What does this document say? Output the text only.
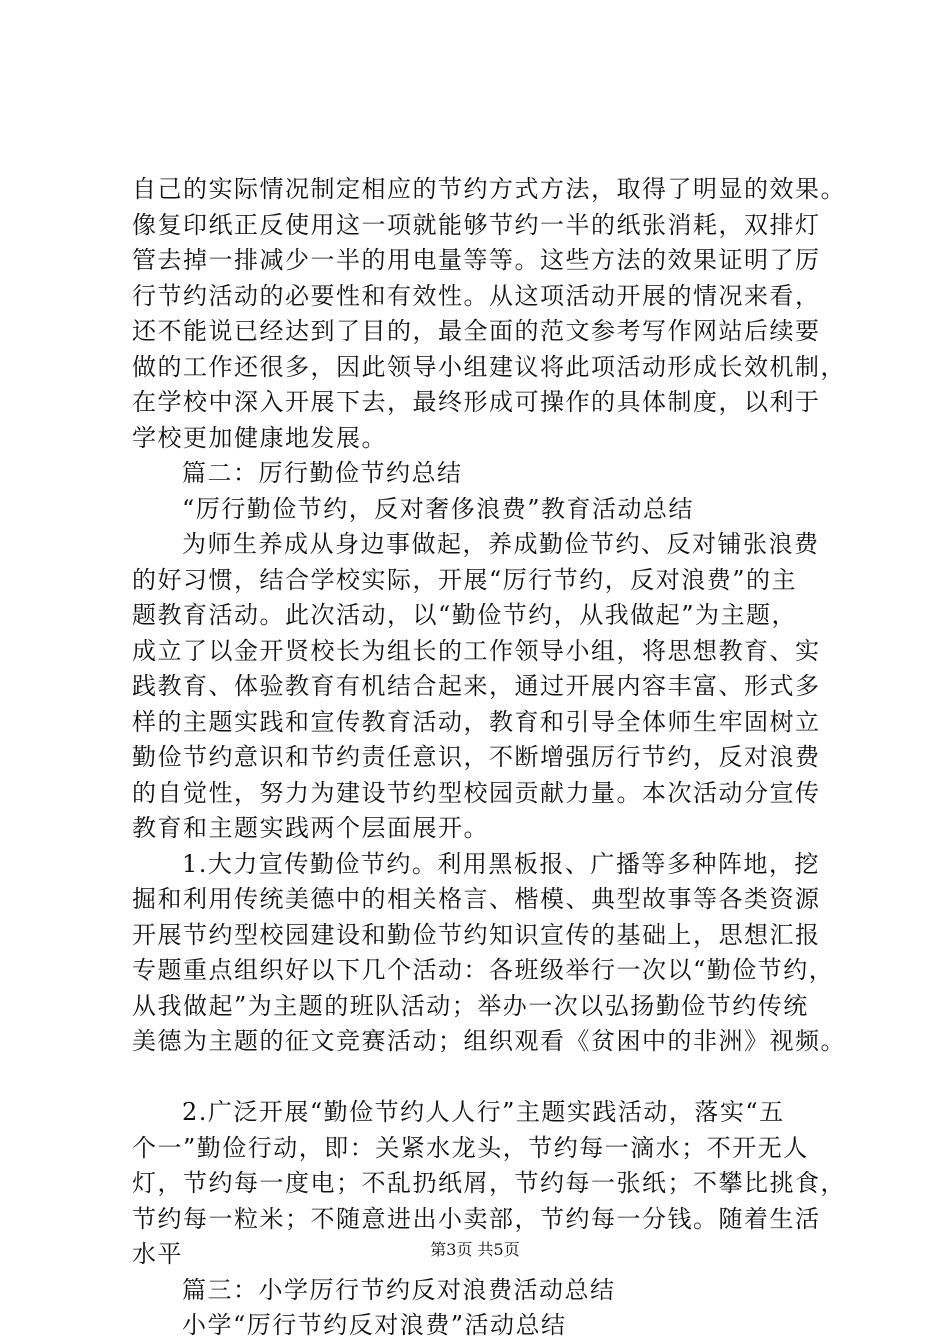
自己的实际情况制定相应的节约方式方法，取得了明显的效果。
像复印纸正反使用这一项就能够节约一半的纸张消耗，双排灯
管去掉一排减少一半的用电量等等。这些方法的效果证明了厉
行节约活动的必要性和有效性。从这项活动开展的情况来看，
还不能说已经达到了目的，最全面的范文参考写作网站后续要
做的工作还很多，因此领导小组建议将此项活动形成长效机制，
在学校中深入开展下去，最终形成可操作的具体制度，以利于
学校更加健康地发展。
篇二：厉行勤俭节约总结
“厉行勤俭节约，反对奢侈浪费”教育活动总结
为师生养成从身边事做起，养成勤俭节约、反对铺张浪费
的好习惯，结合学校实际，开展“厉行节约，反对浪费”的主
题教育活动。此次活动，以“勤俭节约，从我做起”为主题，
成立了以金开贤校长为组长的工作领导小组，将思想教育、实
践教育、体验教育有机结合起来，通过开展内容丰富、形式多
样的主题实践和宣传教育活动，教育和引导全体师生牢固树立
勤俭节约意识和节约责任意识，不断增强厉行节约，反对浪费
的自觉性，努力为建设节约型校园贡献力量。本次活动分宣传
教育和主题实践两个层面展开。
1.大力宣传勤俭节约。利用黑板报、广播等多种阵地，挖
掘和利用传统美德中的相关格言、楷模、典型故事等各类资源
开展节约型校园建设和勤俭节约知识宣传的基础上，思想汇报
专题重点组织好以下几个活动：各班级举行一次以“勤俭节约，
从我做起”为主题的班队活动；举办一次以弘扬勤俭节约传统
美德为主题的征文竞赛活动；组织观看《贫困中的非洲》视频。
2.广泛开展“勤俭节约人人行”主题实践活动，落实“五
个一”勤俭行动，即：关紧水龙头，节约每一滴水；不开无人
灯，节约每一度电；不乱扔纸屑，节约每一张纸；不攀比挑食，
节约每一粒米；不随意进出小卖部，节约每一分钱。随着生活
水平
篇三：小学厉行节约反对浪费活动总结
小学“厉行节约反对浪费”活动总结
第3页 共5页
